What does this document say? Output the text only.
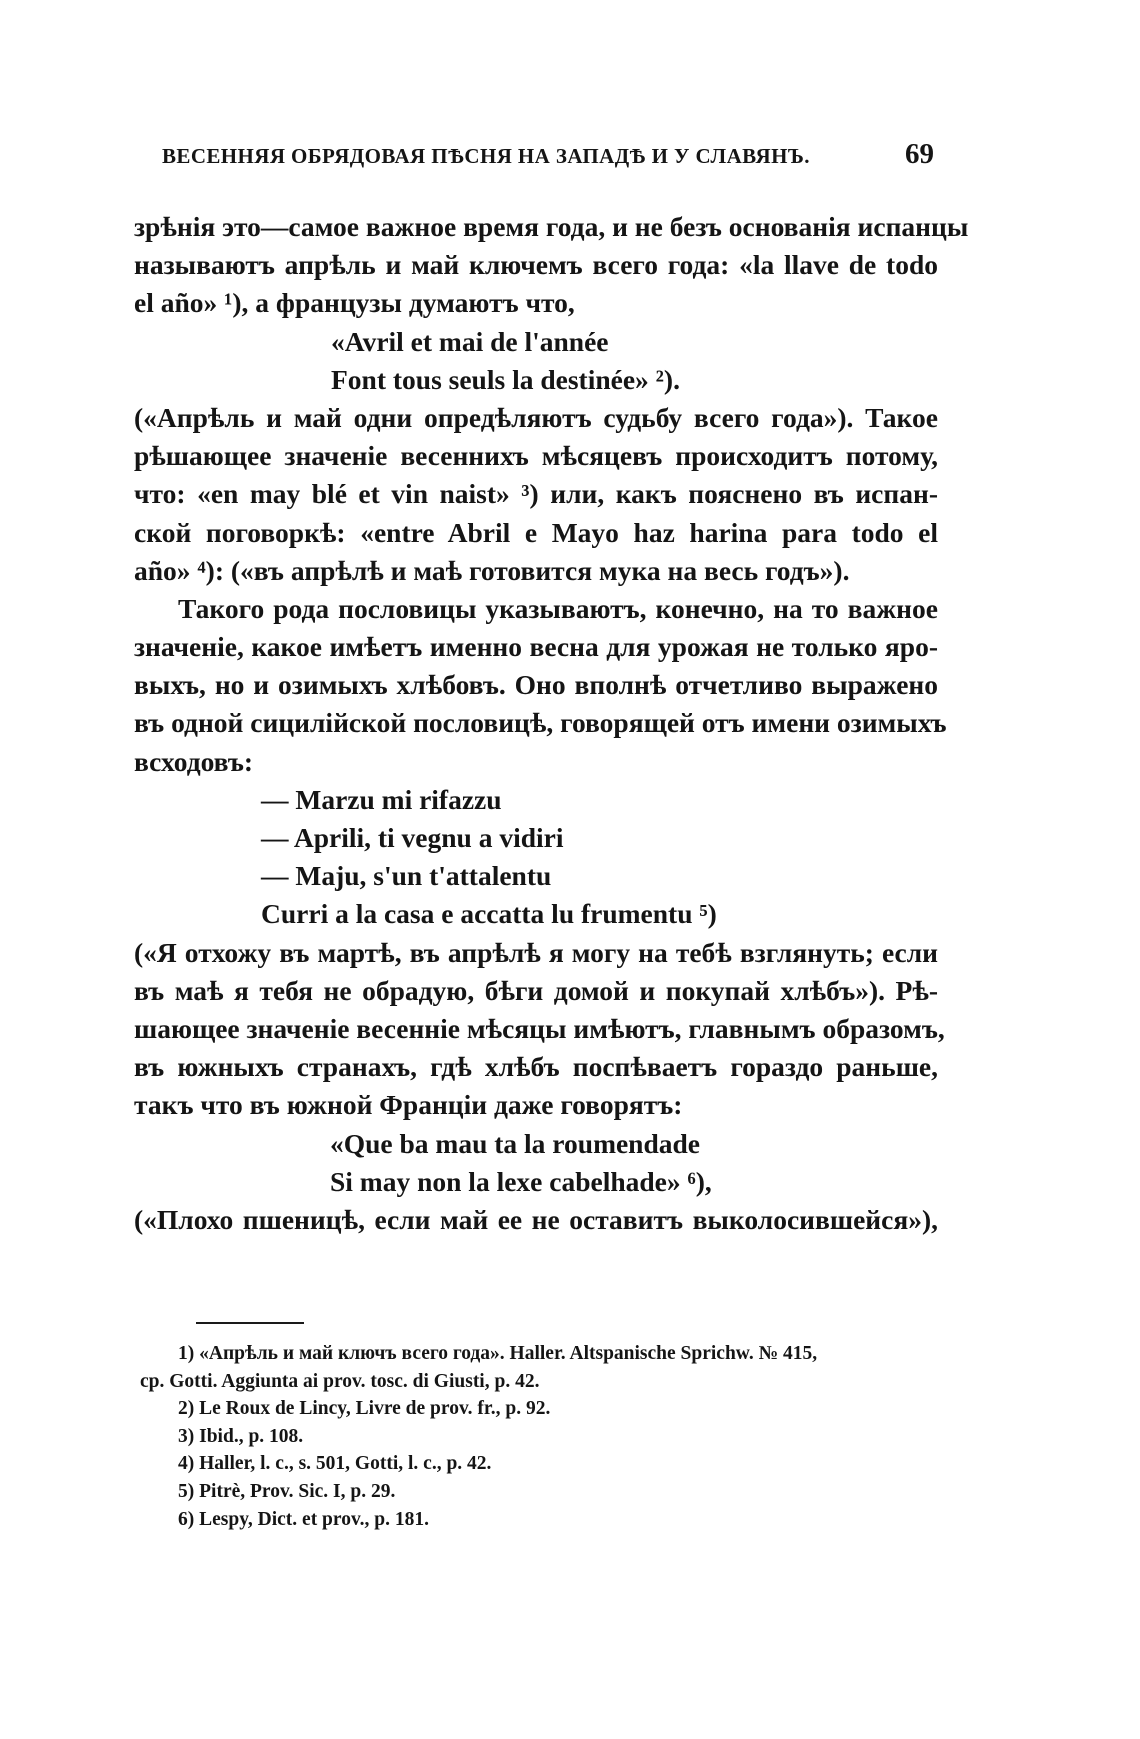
ВЕСЕННЯЯ ОБРЯДОВАЯ ПѢСНЯ НА ЗАПАДѢ И У СЛАВЯНЪ.	69
зрѣнія это—самое важное время года, и не безъ основанія испанцы
называютъ апрѣль и май ключемъ всего года: «la llave de todo
el año» ¹), а французы думаютъ что,
«Avril et mai de l'année
Font tous seuls la destinée» ²).
(«Апрѣль и май одни опредѣляютъ судьбу всего года»). Такое
рѣшающее значеніе весеннихъ мѣсяцевъ происходитъ потому,
что: «en may blé et vin naist» ³) или, какъ пояснено въ испан-
ской поговоркѣ: «entre Abril e Mayo haz harina para todo el
año» ⁴): («въ апрѣлѣ и маѣ готовится мука на весь годъ»).
Такого рода пословицы указываютъ, конечно, на то важное
значеніе, какое имѣетъ именно весна для урожая не только яро-
выхъ, но и озимыхъ хлѣбовъ. Оно вполнѣ отчетливо выражено
въ одной сицилійской пословицѣ, говорящей отъ имени озимыхъ
всходовъ:
— Marzu mi rifazzu
— Aprili, ti vegnu a vidiri
— Maju, s'un t'attalentu
Curri a la casa e accatta lu frumentu ⁵)
(«Я отхожу въ мартѣ, въ апрѣлѣ я могу на тебѣ взглянуть; если
въ маѣ я тебя не обрадую, бѣги домой и покупай хлѣбъ»). Рѣ-
шающее значеніе весенніе мѣсяцы имѣютъ, главнымъ образомъ,
въ южныхъ странахъ, гдѣ хлѣбъ поспѣваетъ гораздо раньше,
такъ что въ южной Франціи даже говорятъ:
«Que ba mau ta la roumendade
Si may non la lexe cabelhade» ⁶),
(«Плохо пшеницѣ, если май ее не оставитъ выколосившейся»),
1) «Апрѣль и май ключъ всего года». Haller. Altspanische Sprichw. № 415,
ср. Gotti. Aggiunta ai prov. tosc. di Giusti, p. 42.
2) Le Roux de Lincy, Livre de prov. fr., p. 92.
3) Ibid., p. 108.
4) Haller, l. c., s. 501, Gotti, l. c., p. 42.
5) Pitrè, Prov. Sic. I, p. 29.
6) Lespy, Dict. et prov., p. 181.
